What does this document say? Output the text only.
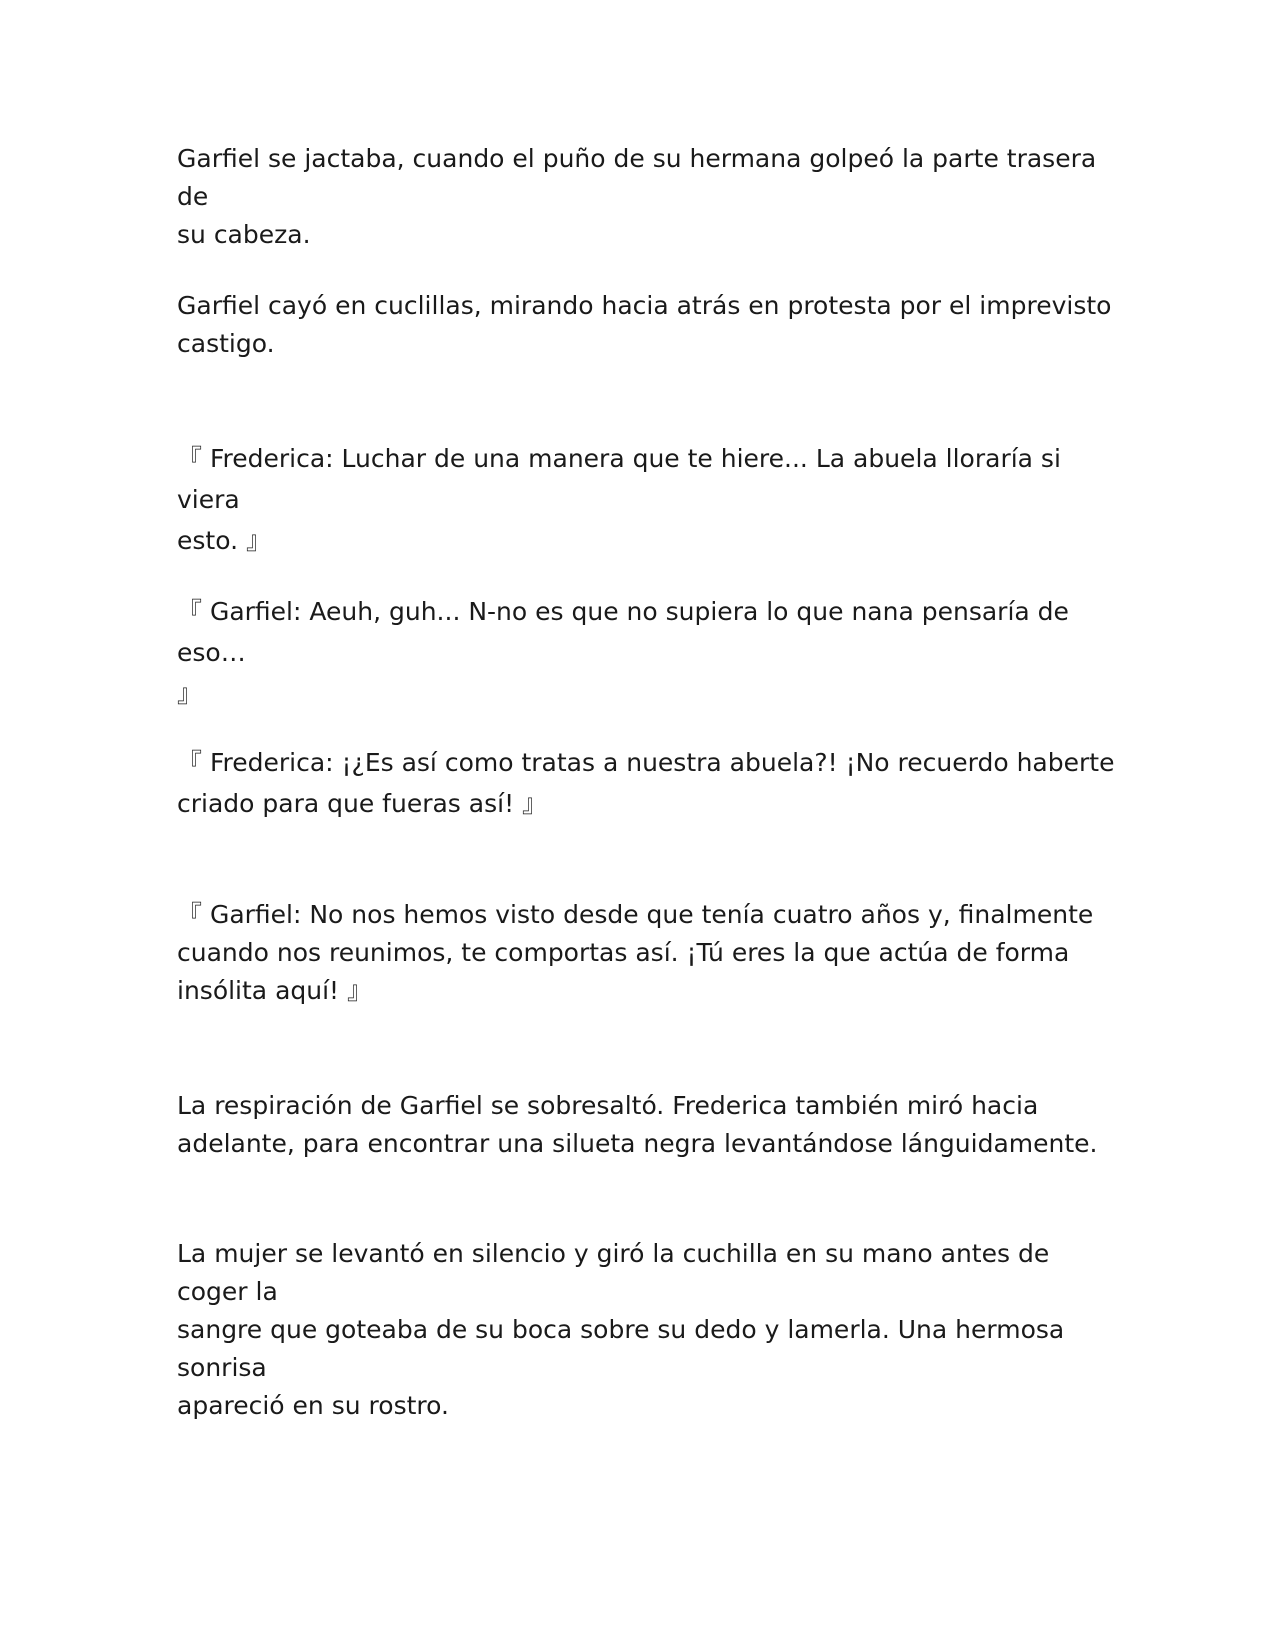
Garfiel se jactaba, cuando el puño de su hermana golpeó la parte trasera de
su cabeza.

Garfiel cayó en cuclillas, mirando hacia atrás en protesta por el imprevisto
castigo.

『 Frederica: Luchar de una manera que te hiere... La abuela lloraría si viera
esto. 』

『 Garfiel: Aeuh, guh... N-no es que no supiera lo que nana pensaría de eso…
』

『 Frederica: ¡¿Es así como tratas a nuestra abuela?! ¡No recuerdo haberte
criado para que fueras así! 』

『 Garfiel: No nos hemos visto desde que tenía cuatro años y, finalmente
cuando nos reunimos, te comportas así. ¡Tú eres la que actúa de forma
insólita aquí! 』

La respiración de Garfiel se sobresaltó. Frederica también miró hacia
adelante, para encontrar una silueta negra levantándose lánguidamente.

La mujer se levantó en silencio y giró la cuchilla en su mano antes de coger la
sangre que goteaba de su boca sobre su dedo y lamerla. Una hermosa sonrisa
apareció en su rostro.
